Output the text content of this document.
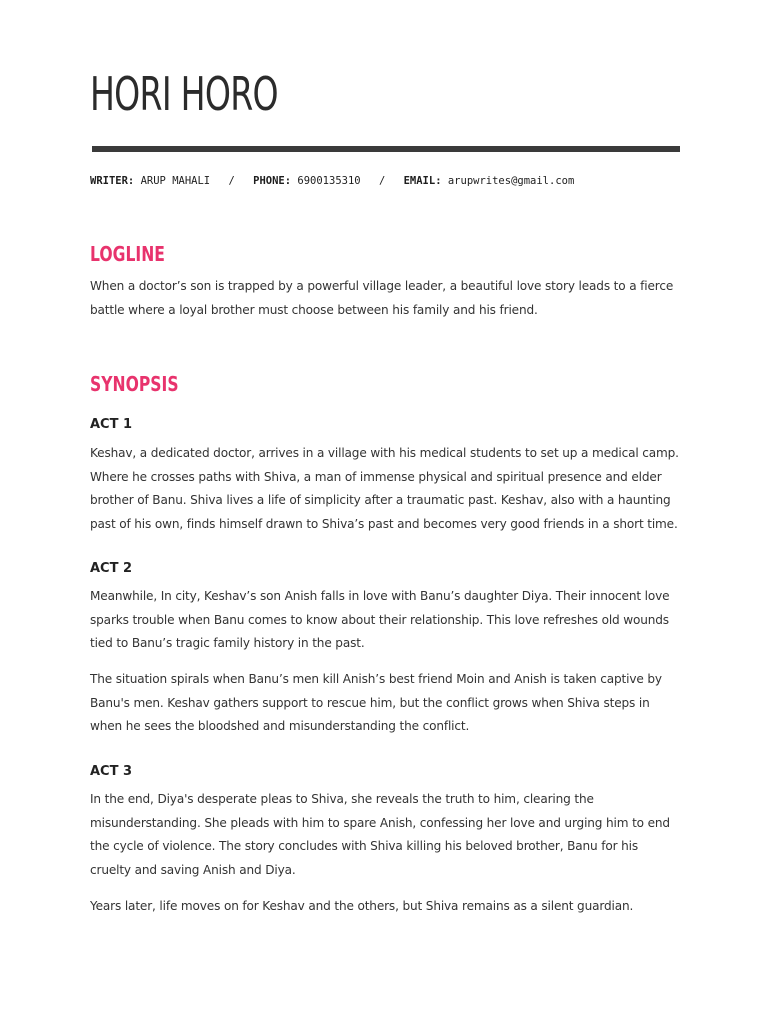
HORI HORO
WRITER: ARUP MAHALI / PHONE: 6900135310 / EMAIL: arupwrites@gmail.com
LOGLINE

When a doctor’s son is trapped by a powerful village leader, a beautiful love story leads to a fierce battle where a loyal brother must choose between his family and his friend.

SYNOPSIS
ACT 1

Keshav, a dedicated doctor, arrives in a village with his medical students to set up a medical camp. Where he crosses paths with Shiva, a man of immense physical and spiritual presence and elder brother of Banu. Shiva lives a life of simplicity after a traumatic past. Keshav, also with a haunting past of his own, finds himself drawn to Shiva’s past and becomes very good friends in a short time.

ACT 2

Meanwhile, In city, Keshav’s son Anish falls in love with Banu’s daughter Diya. Their innocent love sparks trouble when Banu comes to know about their relationship. This love refreshes old wounds tied to Banu’s tragic family history in the past.

The situation spirals when Banu’s men kill Anish’s best friend Moin and Anish is taken captive by Banu's men. Keshav gathers support to rescue him, but the conflict grows when Shiva steps in when he sees the bloodshed and misunderstanding the conflict.

ACT 3

In the end, Diya's desperate pleas to Shiva, she reveals the truth to him, clearing the misunderstanding. She pleads with him to spare Anish, confessing her love and urging him to end the cycle of violence. The story concludes with Shiva killing his beloved brother, Banu for his cruelty and saving Anish and Diya.

Years later, life moves on for Keshav and the others, but Shiva remains as a silent guardian.
